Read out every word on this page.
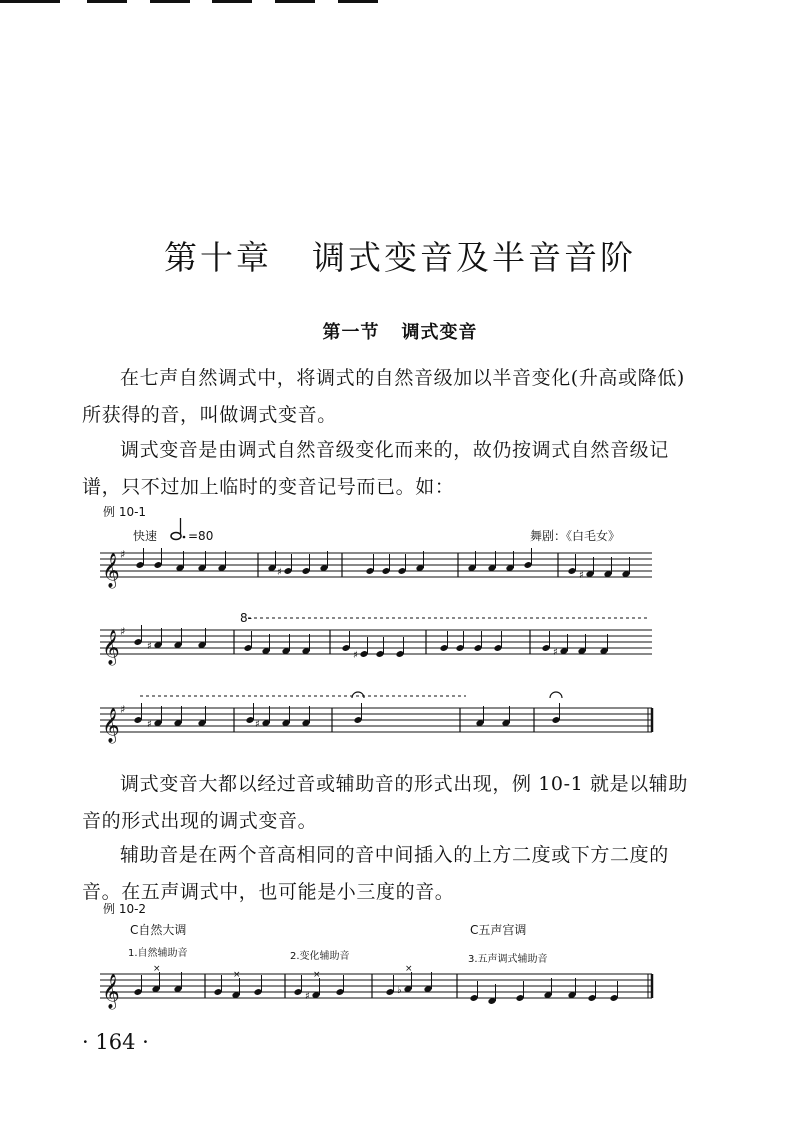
第十章 调式变音及半音音阶
第一节 调式变音
在七声自然调式中，将调式的自然音级加以半音变化(升高或降低)所获得的音，叫做调式变音。
调式变音是由调式自然音级变化而来的，故仍按调式自然音级记谱，只不过加上临时的变音记号而已。如：
例 10-1
快速	=80	舞剧：《白毛女》
8-
𝄞 ♯
♯	♯
𝄞 ♯
♯
♯	♯
𝄞 ♯
♯	♯
调式变音大都以经过音或辅助音的形式出现，例 10-1 就是以辅助音的形式出现的调式变音。
辅助音是在两个音高相同的音中间插入的上方二度或下方二度的音。在五声调式中，也可能是小三度的音。
例 10-2
C自然大调	C五声宫调
1.自然辅助音	2.变化辅助音	3.五声调式辅助音
𝄞
×
×
♯
×
♭
×
· 164 ·
